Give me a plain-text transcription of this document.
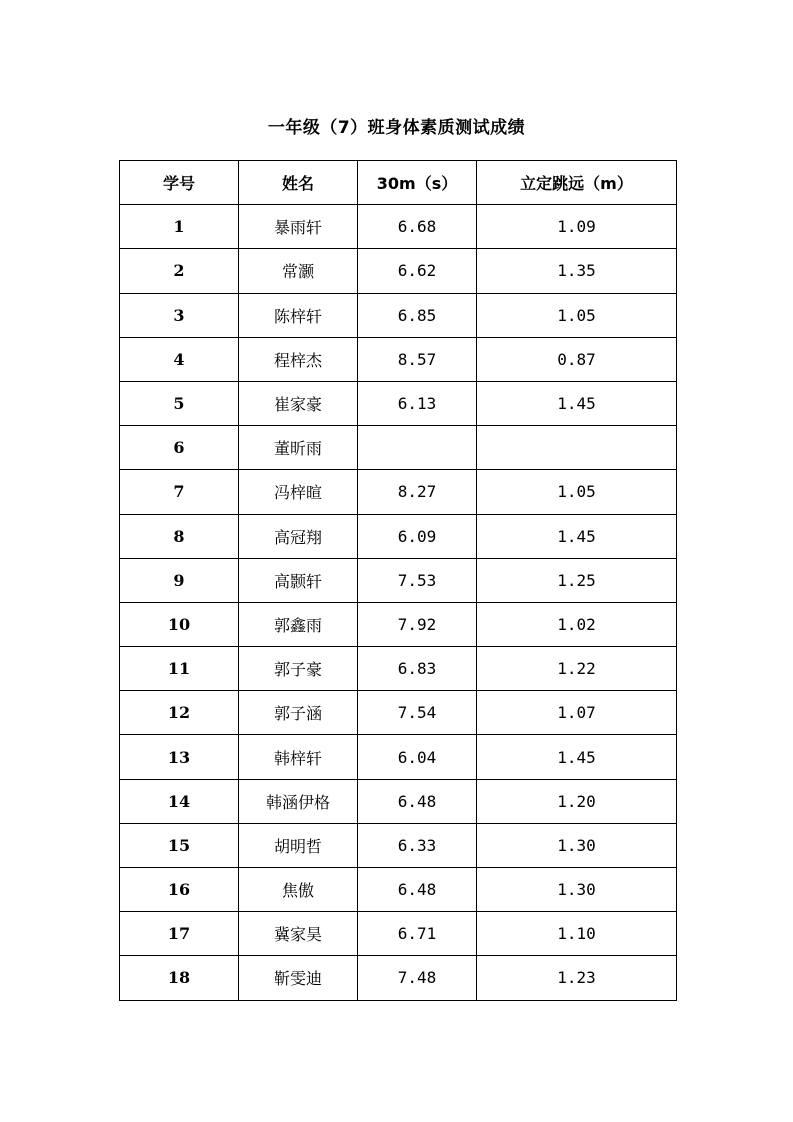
一年级（7）班身体素质测试成绩
学号	姓名	30m（s）	立定跳远（m）
1	暴雨轩	6.68	1.09
2	常灏	6.62	1.35
3	陈梓轩	6.85	1.05
4	程梓杰	8.57	0.87
5	崔家豪	6.13	1.45
6	董昕雨		
7	冯梓暄	8.27	1.05
8	高冠翔	6.09	1.45
9	高颢轩	7.53	1.25
10	郭鑫雨	7.92	1.02
11	郭子豪	6.83	1.22
12	郭子涵	7.54	1.07
13	韩梓轩	6.04	1.45
14	韩涵伊格	6.48	1.20
15	胡明哲	6.33	1.30
16	焦傲	6.48	1.30
17	冀家昊	6.71	1.10
18	靳雯迪	7.48	1.23
